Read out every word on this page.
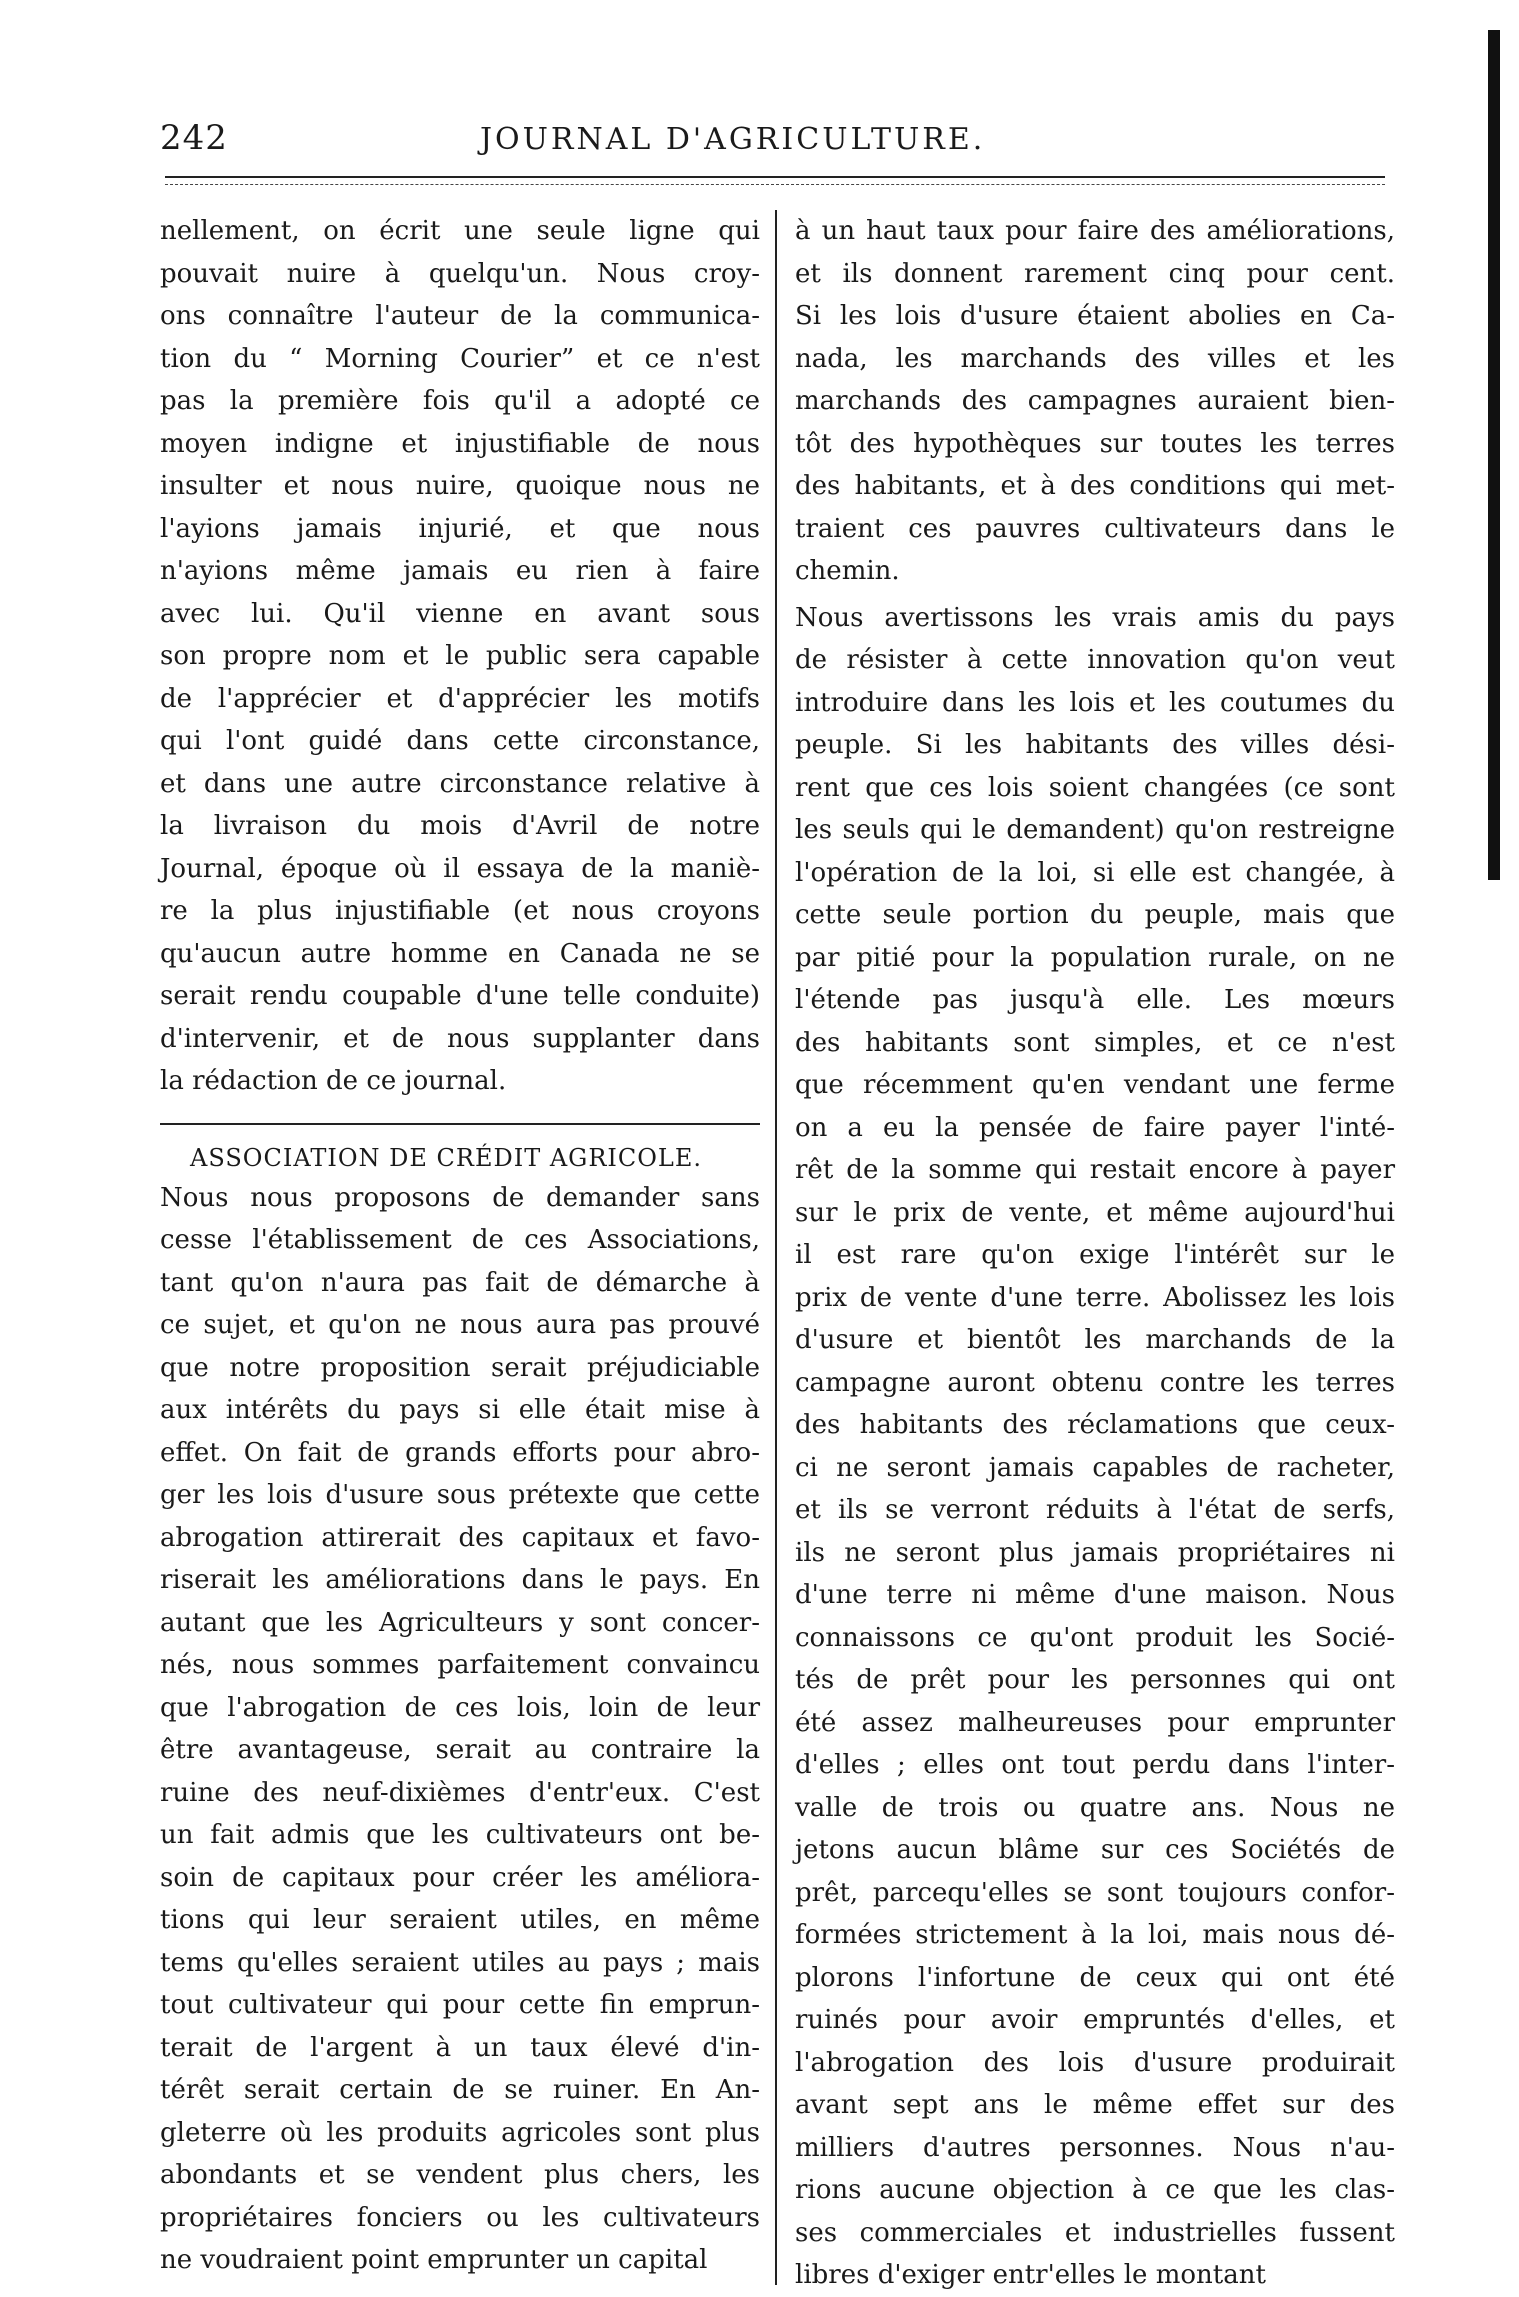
242	JOURNAL D'AGRICULTURE.
nellement, on écrit une seule ligne qui
pouvait nuire à quelqu'un. Nous croy-
ons connaître l'auteur de la communica-
tion du “ Morning Courier” et ce n'est
pas la première fois qu'il a adopté ce
moyen indigne et injustifiable de nous
insulter et nous nuire, quoique nous ne
l'ayions jamais injurié, et que nous
n'ayions même jamais eu rien à faire
avec lui. Qu'il vienne en avant sous
son propre nom et le public sera capable
de l'apprécier et d'apprécier les motifs
qui l'ont guidé dans cette circonstance,
et dans une autre circonstance relative à
la livraison du mois d'Avril de notre
Journal, époque où il essaya de la maniè-
re la plus injustifiable (et nous croyons
qu'aucun autre homme en Canada ne se
serait rendu coupable d'une telle conduite)
d'intervenir, et de nous supplanter dans
la rédaction de ce journal.
ASSOCIATION DE CRÉDIT AGRICOLE.
Nous nous proposons de demander sans
cesse l'établissement de ces Associations,
tant qu'on n'aura pas fait de démarche à
ce sujet, et qu'on ne nous aura pas prouvé
que notre proposition serait préjudiciable
aux intérêts du pays si elle était mise à
effet. On fait de grands efforts pour abro-
ger les lois d'usure sous prétexte que cette
abrogation attirerait des capitaux et favo-
riserait les améliorations dans le pays. En
autant que les Agriculteurs y sont concer-
nés, nous sommes parfaitement convaincu
que l'abrogation de ces lois, loin de leur
être avantageuse, serait au contraire la
ruine des neuf-dixièmes d'entr'eux. C'est
un fait admis que les cultivateurs ont be-
soin de capitaux pour créer les améliora-
tions qui leur seraient utiles, en même
tems qu'elles seraient utiles au pays ; mais
tout cultivateur qui pour cette fin emprun-
terait de l'argent à un taux élevé d'in-
térêt serait certain de se ruiner. En An-
gleterre où les produits agricoles sont plus
abondants et se vendent plus chers, les
propriétaires fonciers ou les cultivateurs
ne voudraient point emprunter un capital
à un haut taux pour faire des améliorations,
et ils donnent rarement cinq pour cent.
Si les lois d'usure étaient abolies en Ca-
nada, les marchands des villes et les
marchands des campagnes auraient bien-
tôt des hypothèques sur toutes les terres
des habitants, et à des conditions qui met-
traient ces pauvres cultivateurs dans le
chemin.
Nous avertissons les vrais amis du pays
de résister à cette innovation qu'on veut
introduire dans les lois et les coutumes du
peuple. Si les habitants des villes dési-
rent que ces lois soient changées (ce sont
les seuls qui le demandent) qu'on restreigne
l'opération de la loi, si elle est changée, à
cette seule portion du peuple, mais que
par pitié pour la population rurale, on ne
l'étende pas jusqu'à elle. Les mœurs
des habitants sont simples, et ce n'est
que récemment qu'en vendant une ferme
on a eu la pensée de faire payer l'inté-
rêt de la somme qui restait encore à payer
sur le prix de vente, et même aujourd'hui
il est rare qu'on exige l'intérêt sur le
prix de vente d'une terre. Abolissez les lois
d'usure et bientôt les marchands de la
campagne auront obtenu contre les terres
des habitants des réclamations que ceux-
ci ne seront jamais capables de racheter,
et ils se verront réduits à l'état de serfs,
ils ne seront plus jamais propriétaires ni
d'une terre ni même d'une maison. Nous
connaissons ce qu'ont produit les Socié-
tés de prêt pour les personnes qui ont
été assez malheureuses pour emprunter
d'elles ; elles ont tout perdu dans l'inter-
valle de trois ou quatre ans. Nous ne
jetons aucun blâme sur ces Sociétés de
prêt, parcequ'elles se sont toujours confor-
formées strictement à la loi, mais nous dé-
plorons l'infortune de ceux qui ont été
ruinés pour avoir empruntés d'elles, et
l'abrogation des lois d'usure produirait
avant sept ans le même effet sur des
milliers d'autres personnes. Nous n'au-
rions aucune objection à ce que les clas-
ses commerciales et industrielles fussent
libres d'exiger entr'elles le montant
